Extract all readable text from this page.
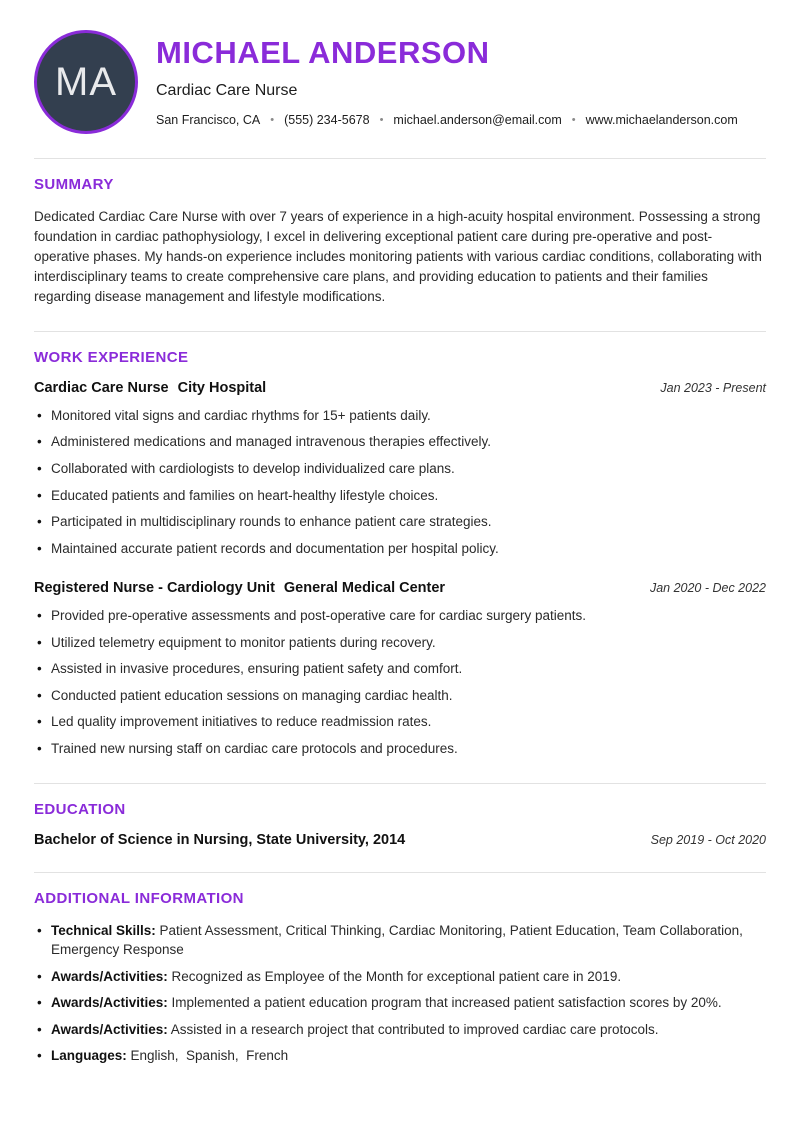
MA
MICHAEL ANDERSON
Cardiac Care Nurse
San Francisco, CA • (555) 234-5678 • michael.anderson@email.com • www.michaelanderson.com
SUMMARY

Dedicated Cardiac Care Nurse with over 7 years of experience in a high-acuity hospital environment. Possessing a strong foundation in cardiac pathophysiology, I excel in delivering exceptional patient care during pre-operative and post-operative phases. My hands-on experience includes monitoring patients with various cardiac conditions, collaborating with interdisciplinary teams to create comprehensive care plans, and providing education to patients and their families regarding disease management and lifestyle modifications.

WORK EXPERIENCE
Cardiac Care Nurse City Hospital	Jan 2023 - Present
• Monitored vital signs and cardiac rhythms for 15+ patients daily.
• Administered medications and managed intravenous therapies effectively.
• Collaborated with cardiologists to develop individualized care plans.
• Educated patients and families on heart-healthy lifestyle choices.
• Participated in multidisciplinary rounds to enhance patient care strategies.
• Maintained accurate patient records and documentation per hospital policy.
Registered Nurse - Cardiology Unit General Medical Center	Jan 2020 - Dec 2022
• Provided pre-operative assessments and post-operative care for cardiac surgery patients.
• Utilized telemetry equipment to monitor patients during recovery.
• Assisted in invasive procedures, ensuring patient safety and comfort.
• Conducted patient education sessions on managing cardiac health.
• Led quality improvement initiatives to reduce readmission rates.
• Trained new nursing staff on cardiac care protocols and procedures.
EDUCATION
Bachelor of Science in Nursing, State University, 2014	Sep 2019 - Oct 2020
ADDITIONAL INFORMATION
• Technical Skills: Patient Assessment, Critical Thinking, Cardiac Monitoring, Patient Education, Team Collaboration, Emergency Response
• Awards/Activities: Recognized as Employee of the Month for exceptional patient care in 2019.
• Awards/Activities: Implemented a patient education program that increased patient satisfaction scores by 20%.
• Awards/Activities: Assisted in a research project that contributed to improved cardiac care protocols.
• Languages: English,  Spanish,  French
